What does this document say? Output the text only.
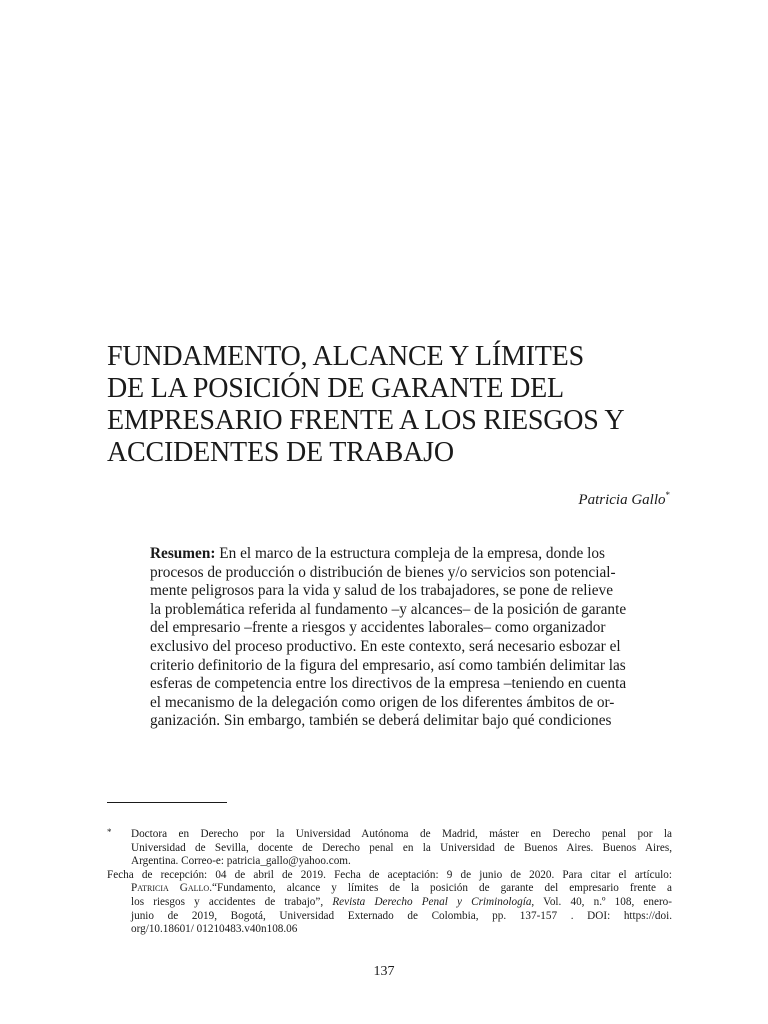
FUNDAMENTO, ALCANCE Y LÍMITES
DE LA POSICIÓN DE GARANTE DEL
EMPRESARIO FRENTE A LOS RIESGOS Y
ACCIDENTES DE TRABAJO
Patricia Gallo*
Resumen: En el marco de la estructura compleja de la empresa, donde los
procesos de producción o distribución de bienes y/o servicios son potencial-
mente peligrosos para la vida y salud de los trabajadores, se pone de relieve
la problemática referida al fundamento –y alcances– de la posición de garante
del empresario –frente a riesgos y accidentes laborales– como organizador
exclusivo del proceso productivo. En este contexto, será necesario esbozar el
criterio definitorio de la figura del empresario, así como también delimitar las
esferas de competencia entre los directivos de la empresa –teniendo en cuenta
el mecanismo de la delegación como origen de los diferentes ámbitos de or-
ganización. Sin embargo, también se deberá delimitar bajo qué condiciones
*	Doctora en Derecho por la Universidad Autónoma de Madrid, máster en Derecho penal por la
Universidad de Sevilla, docente de Derecho penal en la Universidad de Buenos Aires. Buenos Aires,
Argentina. Correo-e: patricia_gallo@yahoo.com.
Fecha de recepción: 04 de abril de 2019. Fecha de aceptación: 9 de junio de 2020. Para citar el artículo:
Patricia Gallo.“Fundamento, alcance y límites de la posición de garante del empresario frente a
los riesgos y accidentes de trabajo”, Revista Derecho Penal y Criminología, Vol. 40, n.º 108, enero-
junio de 2019, Bogotá, Universidad Externado de Colombia, pp. 137-157 . DOI: https://doi.
org/10.18601/ 01210483.v40n108.06
137
